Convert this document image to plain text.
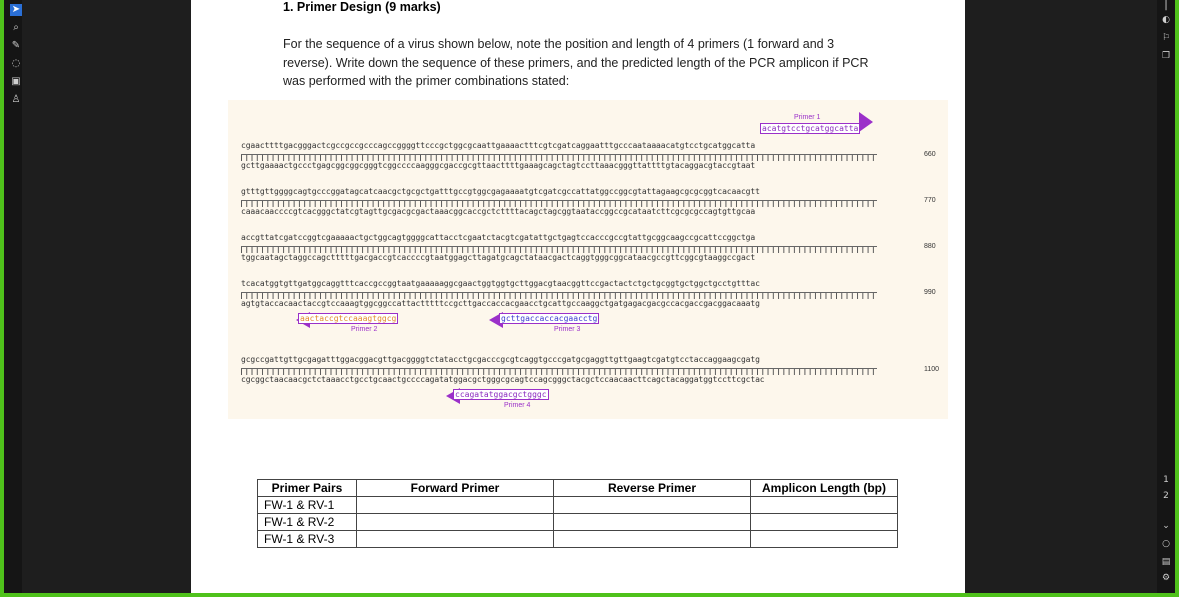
➤
⌕
✎
◌
▣
♙
⎮
◐
⚐
❐
1
2
⌄
○
▤
⚙
1. Primer Design (9 marks)
For the sequence of a virus shown below, note the position and length of 4 primers (1 forward and 3 reverse). Write down the sequence of these primers, and the predicted length of the PCR amplicon if PCR was performed with the primer combinations stated:
Primer 1
acatgtcctgcatggcatta
cgaacttttgacgggactcgccgccgcccagccggggttcccgctggcgcaattgaaaactttcgtcgatcaggaatttgcccaataaaacatgtcctgcatggcatta
gcttgaaaactgccctgagcggcggcgggtcggccccaagggcgaccgcgttaacttttgaaagcagctagtccttaaacgggttattttgtacaggacgtaccgtaat
660
gtttgttggggcagtgcccggatagcatcaacgctgcgctgatttgccgtggcgagaaaatgtcgatcgccattatggccggcgtattagaagcgcgcggtcacaacgtt
caaacaaccccgtcacgggctatcgtagttgcgacgcgactaaacggcaccgctcttttacagctagcggtaataccggccgcataatcttcgcgcgccagtgttgcaa
770
accgttatcgatccggtcgaaaaactgctggcagtggggcattacctcgaatctacgtcgatattgctgagtccacccgccgtattgcggcaagccgcattccggctga
tggcaatagctaggccagctttttgacgaccgtcaccccgtaatggagcttagatgcagctataacgactcaggtgggcggcataacgccgttcggcgtaaggccgact
880
tcacatggtgttgatggcaggtttcaccgccggtaatgaaaaaggcgaactggtggtgcttggacgtaacggttccgactactctgctgcggtgctggctgcctgtttac
agtgtaccacaactaccgtccaaagtggcggccattactttttccgcttgaccaccacgaacctgcattgccaaggctgatgagacgacgccacgaccgacggacaaatg
990
aactaccgtccaaagtggcg
Primer 2
gcttgaccaccacgaacctg
Primer 3
gcgccgattgttgcgagatttggacggacgttgacggggtctatacctgcgacccgcgtcaggtgcccgatgcgaggttgttgaagtcgatgtcctaccaggaagcgatg
cgcggctaacaacgctctaaacctgcctgcaactgccccagatatggacgctgggcgcagtccagcgggctacgctccaacaacttcagctacaggatggtccttcgctac
1100
ccagatatggacgctgggc
Primer 4
Primer Pairs	Forward Primer	Reverse Primer	Amplicon Length (bp)
FW-1 & RV-1			
FW-1 & RV-2			
FW-1 & RV-3			
